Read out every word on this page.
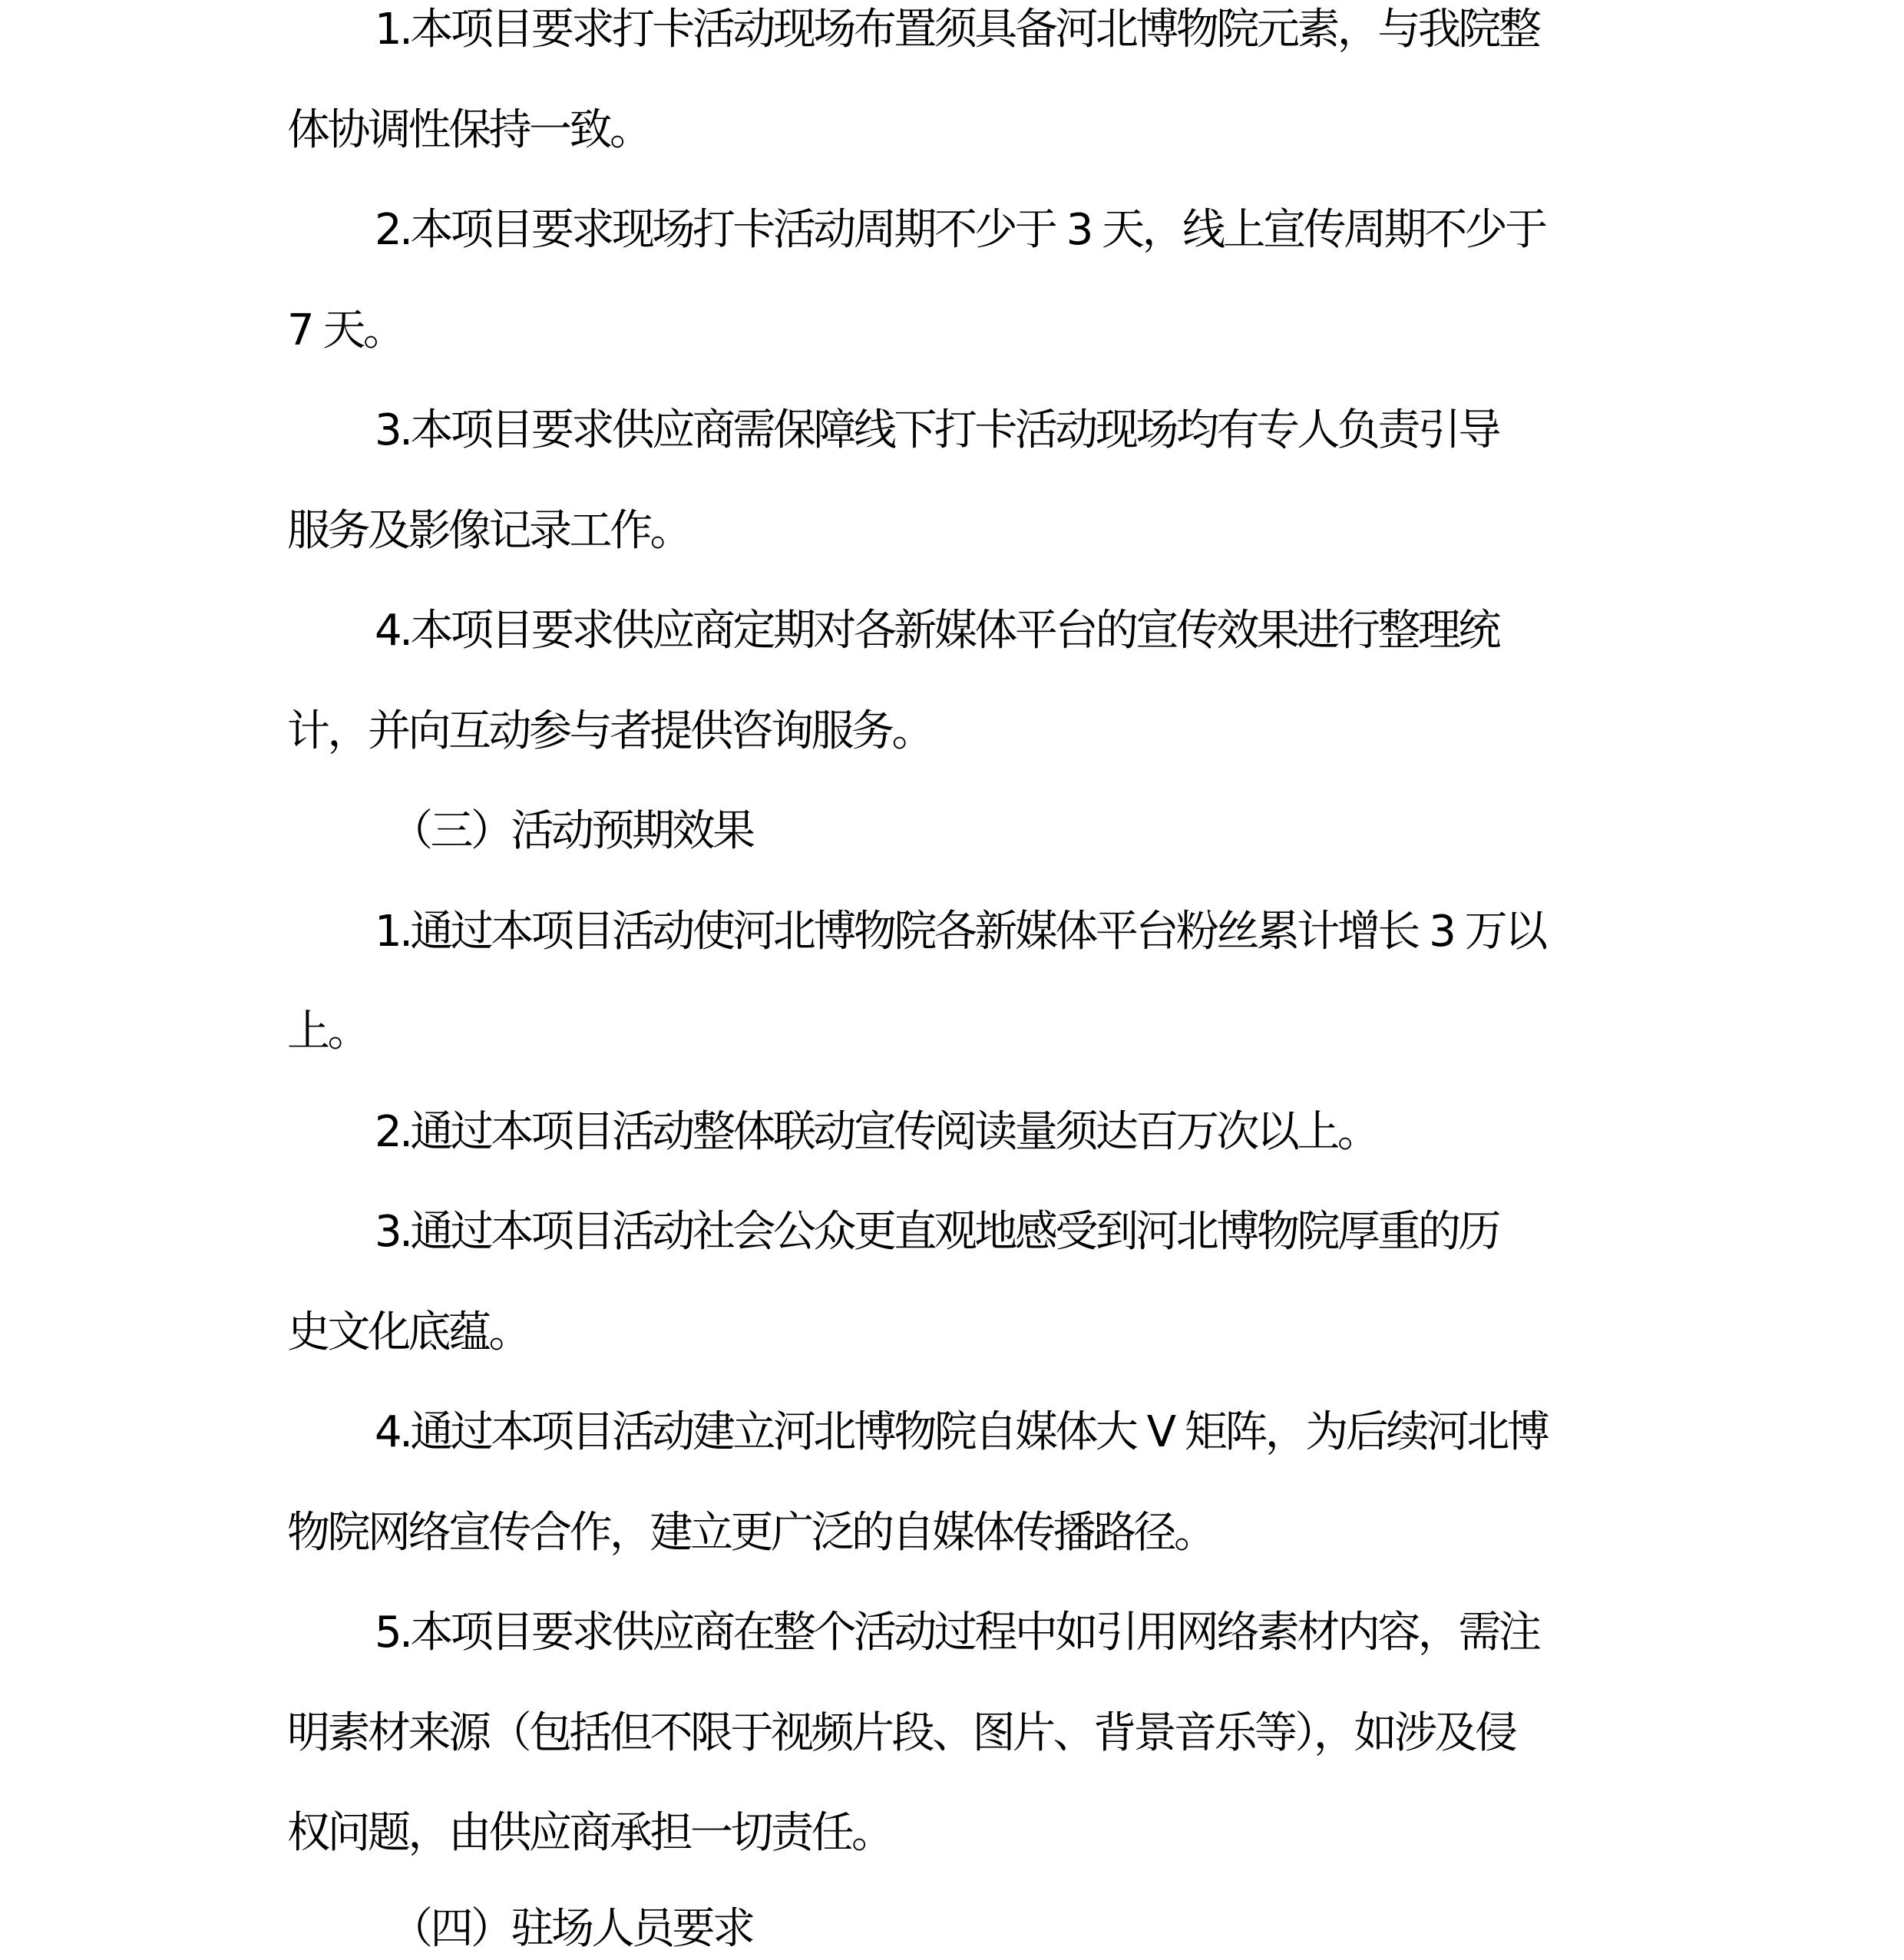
1.本项目要求打卡活动现场布置须具备河北博物院元素，与我院整

体协调性保持一致。

2.本项目要求现场打卡活动周期不少于 3 天，线上宣传周期不少于

7 天。

3.本项目要求供应商需保障线下打卡活动现场均有专人负责引导

服务及影像记录工作。

4.本项目要求供应商定期对各新媒体平台的宣传效果进行整理统

计，并向互动参与者提供咨询服务。

（三）活动预期效果

1.通过本项目活动使河北博物院各新媒体平台粉丝累计增长 3 万以

上。

2.通过本项目活动整体联动宣传阅读量须达百万次以上。

3.通过本项目活动社会公众更直观地感受到河北博物院厚重的历

史文化底蕴。

4.通过本项目活动建立河北博物院自媒体大 V 矩阵，为后续河北博

物院网络宣传合作，建立更广泛的自媒体传播路径。

5.本项目要求供应商在整个活动过程中如引用网络素材内容，需注

明素材来源（包括但不限于视频片段、图片、背景音乐等），如涉及侵

权问题，由供应商承担一切责任。

（四）驻场人员要求
